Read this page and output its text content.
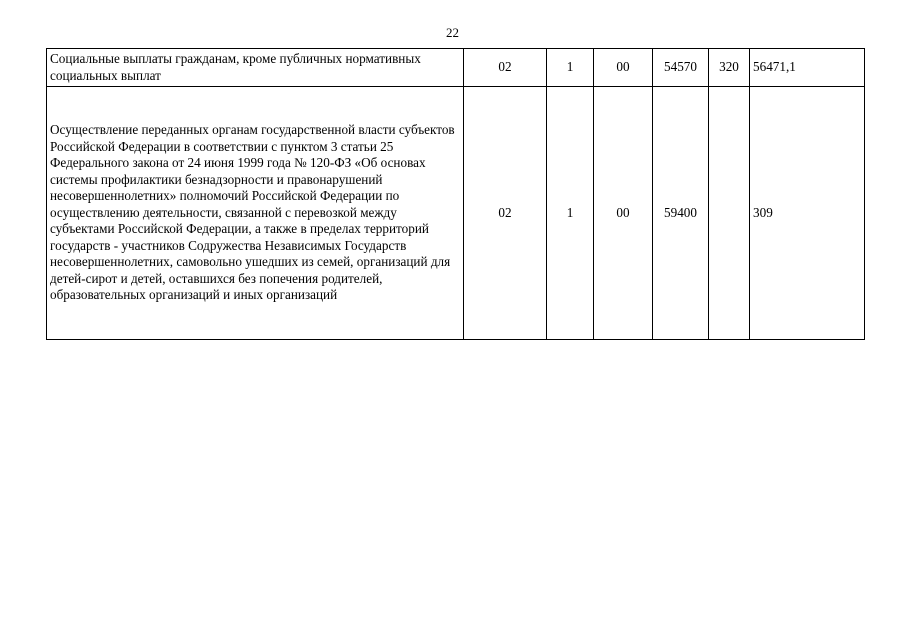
22
Социальные выплаты гражданам, кроме публичных нормативных социальных выплат	02	1	00	54570	320	56471,1
Осуществление переданных органам государственной власти субъектов Российской Федерации в соответствии с пунктом 3 статьи 25 Федерального закона от 24 июня 1999 года № 120-ФЗ «Об основах системы профилактики безнадзорности и правонарушений несовершеннолетних» полномочий Российской Федерации по осуществлению деятельности, связанной с перевозкой между субъектами Российской Федерации, а также в пределах территорий государств - участников Содружества Независимых Государств несовершеннолетних, самовольно ушедших из семей, организаций для детей-сирот и детей, оставшихся без попечения родителей, образовательных организаций и иных организаций	02	1	00	59400		309
